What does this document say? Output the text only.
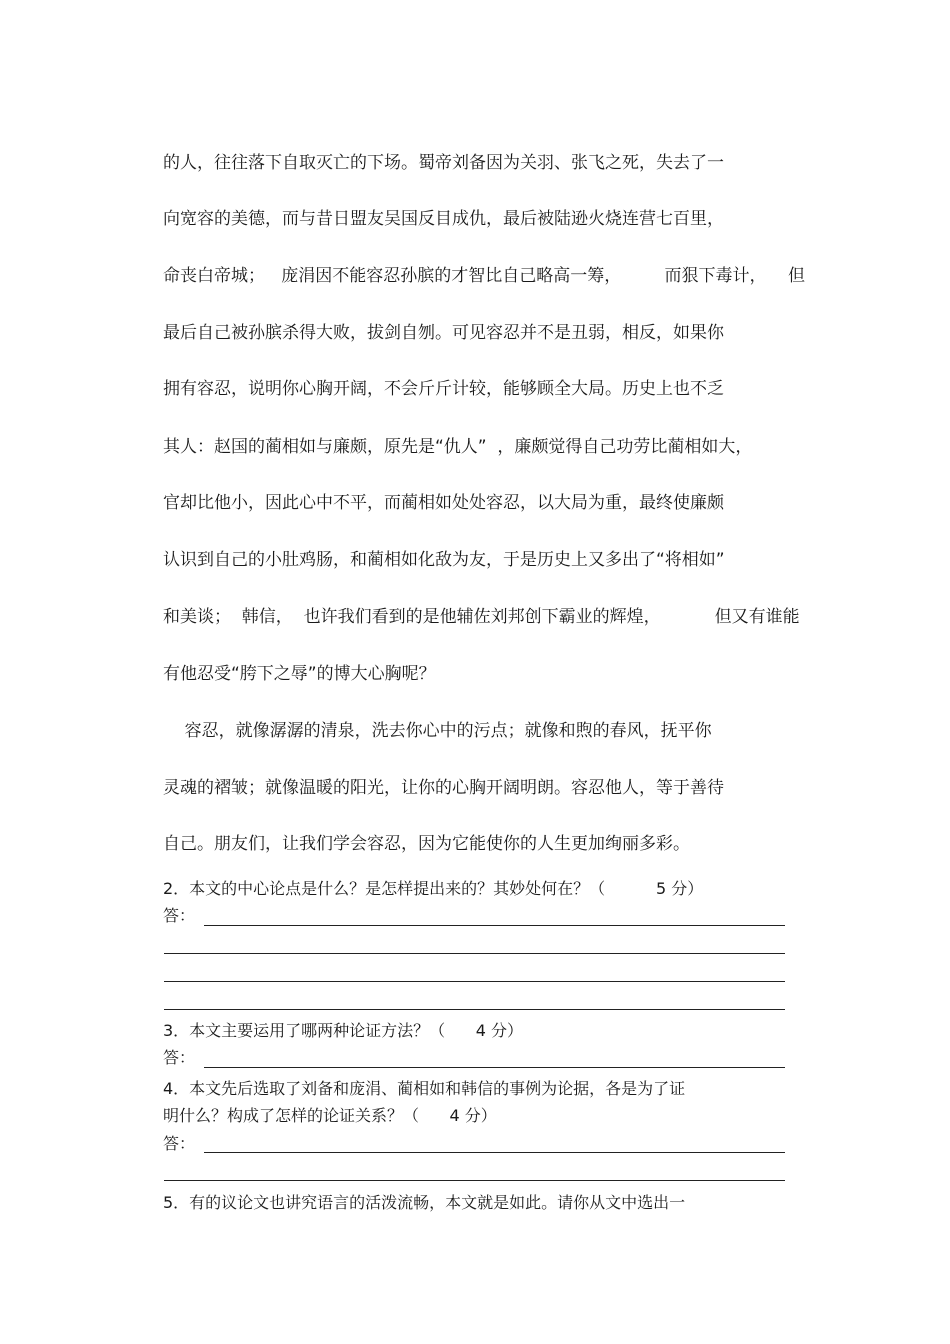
的人，往往落下自取灭亡的下场。蜀帝刘备因为关羽、张飞之死，失去了一
向宽容的美德，而与昔日盟友吴国反目成仇，最后被陆逊火烧连营七百里，
命丧白帝城；   庞涓因不能容忍孙膑的才智比自己略高一筹，        而狠下毒计，    但
最后自己被孙膑杀得大败，拔剑自刎。可见容忍并不是丑弱，相反，如果你
拥有容忍，说明你心胸开阔，不会斤斤计较，能够顾全大局。历史上也不乏
其人：赵国的蔺相如与廉颇，原先是“仇人”  ，廉颇觉得自己功劳比蔺相如大，
官却比他小，因此心中不平，而蔺相如处处容忍，以大局为重，最终使廉颇
认识到自己的小肚鸡肠，和蔺相如化敌为友，于是历史上又多出了“将相如”
和美谈；  韩信，  也许我们看到的是他辅佐刘邦创下霸业的辉煌，          但又有谁能
有他忍受“胯下之辱”的博大心胸呢？
容忍，就像潺潺的清泉，洗去你心中的污点；就像和煦的春风，抚平你
灵魂的褶皱；就像温暖的阳光，让你的心胸开阔明朗。容忍他人，等于善待
自己。朋友们，让我们学会容忍，因为它能使你的人生更加绚丽多彩。
2．本文的中心论点是什么？是怎样提出来的？其妙处何在？（          5 分）
答：
3．本文主要运用了哪两种论证方法？（      4 分）
答：
4．本文先后选取了刘备和庞涓、蔺相如和韩信的事例为论据，各是为了证
明什么？构成了怎样的论证关系？（      4 分）
答：
5．有的议论文也讲究语言的活泼流畅，本文就是如此。请你从文中选出一
